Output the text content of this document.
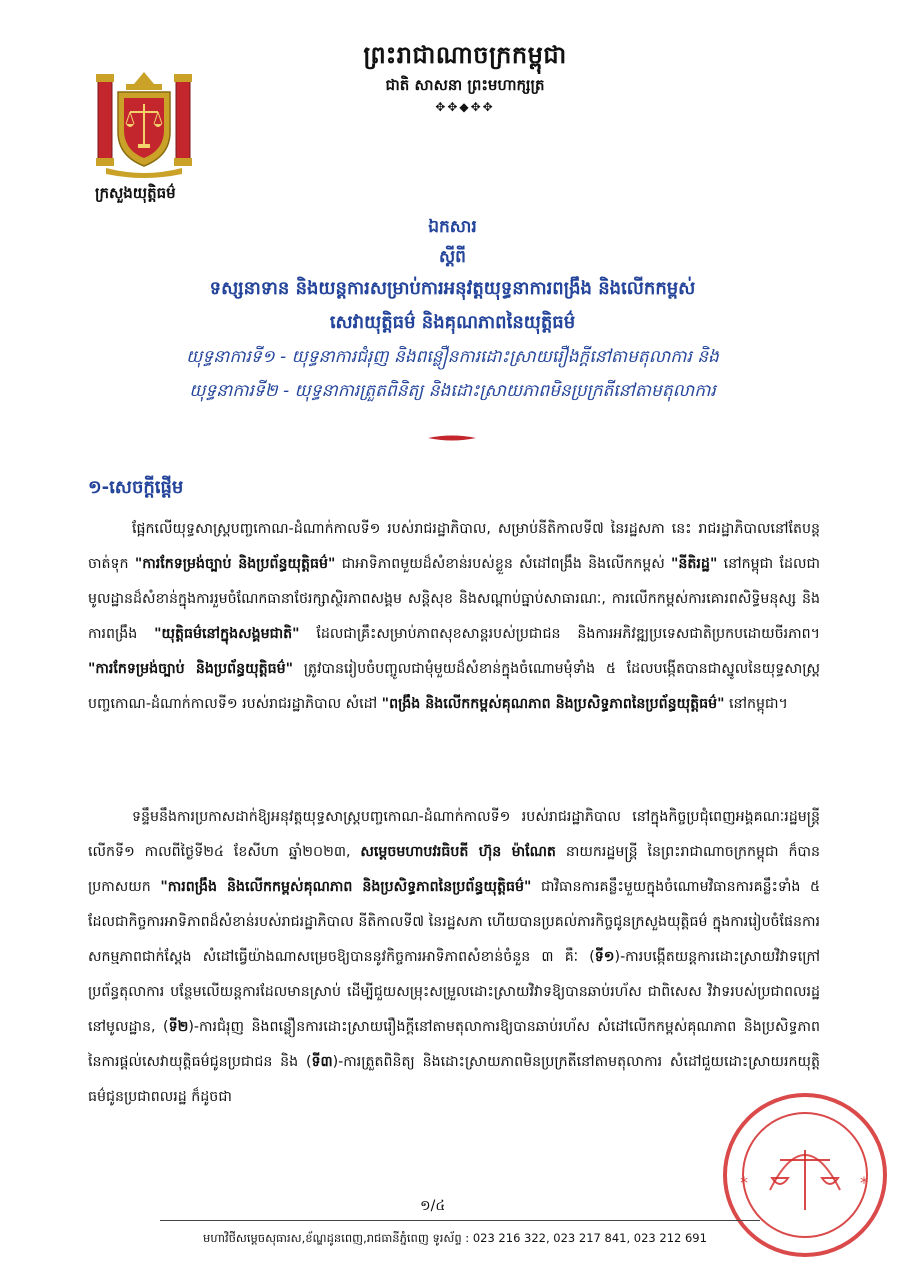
ព្រះរាជាណាចក្រកម្ពុជា
ជាតិ សាសនា ព្រះមហាក្សត្រ
✥✥◆✥✥
ក្រសួងយុត្តិធម៌
ឯកសារ
ស្តីពី
ទស្សនាទាន និងយន្តការសម្រាប់ការអនុវត្តយុទ្ធនាការពង្រឹង និងលើកកម្ពស់
សេវាយុត្តិធម៌ និងគុណភាពនៃយុត្តិធម៌
យុទ្ធនាការទី១ - យុទ្ធនាការជំរុញ និងពន្លឿនការដោះស្រាយរឿងក្តីនៅតាមតុលាការ និង
យុទ្ធនាការទី២ - យុទ្ធនាការត្រួតពិនិត្យ និងដោះស្រាយភាពមិនប្រក្រតីនៅតាមតុលាការ
១-សេចក្តីផ្តើម

ផ្អែកលើយុទ្ធសាស្ត្របញ្ចកោណ-ដំណាក់កាលទី១ របស់រាជរដ្ឋាភិបាល, សម្រាប់នីតិកាលទី៧ នៃរដ្ឋសភា នេះ រាជរដ្ឋាភិបាលនៅតែបន្តចាត់ទុក "ការកែទម្រង់ច្បាប់ និងប្រព័ន្ធយុត្តិធម៌" ជាអាទិភាពមួយដ៏សំខាន់របស់ខ្លួន សំដៅពង្រឹង និងលើកកម្ពស់ "នីតិរដ្ឋ" នៅកម្ពុជា ដែលជាមូលដ្ឋានដ៏សំខាន់ក្នុងការរួមចំណែកធានាថែរក្សាស្ថិរភាពសង្គម សន្តិសុខ និងសណ្តាប់ធ្នាប់សាធារណៈ, ការលើកកម្ពស់ការគោរពសិទ្ធិមនុស្ស និងការពង្រឹង "យុត្តិធម៌នៅក្នុងសង្គមជាតិ" ដែលជាគ្រឹះសម្រាប់ភាពសុខសាន្តរបស់ប្រជាជន និងការអភិវឌ្ឍប្រទេសជាតិប្រកបដោយចីរភាព។ "ការកែទម្រង់ច្បាប់ និងប្រព័ន្ធយុត្តិធម៌" ត្រូវបានរៀបចំបញ្ចូលជាមុំមួយដ៏សំខាន់ក្នុងចំណោមមុំទាំង ៥ ដែលបង្កើតបានជាស្នូលនៃយុទ្ធសាស្ត្របញ្ចកោណ-ដំណាក់កាលទី១ របស់រាជរដ្ឋាភិបាល សំដៅ "ពង្រឹង និងលើកកម្ពស់គុណភាព និងប្រសិទ្ធភាពនៃប្រព័ន្ធយុត្តិធម៌" នៅកម្ពុជា។

ទន្ទឹមនឹងការប្រកាសដាក់ឱ្យអនុវត្តយុទ្ធសាស្ត្របញ្ចកោណ-ដំណាក់កាលទី១ របស់រាជរដ្ឋាភិបាល នៅក្នុងកិច្ចប្រជុំពេញអង្គគណៈរដ្ឋមន្ត្រីលើកទី១ កាលពីថ្ងៃទី២៤ ខែសីហា ឆ្នាំ២០២៣, សម្តេចមហាបវរធិបតី ហ៊ុន ម៉ាណែត នាយករដ្ឋមន្ត្រី នៃព្រះរាជាណាចក្រកម្ពុជា ក៏បានប្រកាសយក "ការពង្រឹង និងលើកកម្ពស់គុណភាព និងប្រសិទ្ធភាពនៃប្រព័ន្ធយុត្តិធម៌" ជាវិធានការគន្លឹះមួយក្នុងចំណោមវិធានការគន្លឹះទាំង ៥ ដែលជាកិច្ចការអាទិភាពដ៏សំខាន់របស់រាជរដ្ឋាភិបាល នីតិកាលទី៧ នៃរដ្ឋសភា ហើយបានប្រគល់ភារកិច្ចជូនក្រសួងយុត្តិធម៌ ក្នុងការរៀបចំផែនការសកម្មភាពជាក់ស្តែង សំដៅធ្វើយ៉ាងណាសម្រេចឱ្យបាននូវកិច្ចការអាទិភាពសំខាន់ចំនួន ៣ គឺៈ (ទី១)-ការបង្កើតយន្តការដោះស្រាយវិវាទក្រៅប្រព័ន្ធតុលាការ បន្ថែមលើយន្តការដែលមានស្រាប់ ដើម្បីជួយសម្រុះសម្រួលដោះស្រាយវិវាទឱ្យបានឆាប់រហ័ស ជាពិសេស វិវាទរបស់ប្រជាពលរដ្ឋនៅមូលដ្ឋាន, (ទី២)-ការជំរុញ និងពន្លឿនការដោះស្រាយរឿងក្តីនៅតាមតុលាការឱ្យបានឆាប់រហ័ស សំដៅលើកកម្ពស់គុណភាព និងប្រសិទ្ធភាពនៃការផ្តល់សេវាយុត្តិធម៌ជូនប្រជាជន និង (ទី៣)-ការត្រួតពិនិត្យ និងដោះស្រាយភាពមិនប្រក្រតីនៅតាមតុលាការ សំដៅជួយដោះស្រាយរកយុត្តិធម៌ជូនប្រជាពលរដ្ឋ ក៏ដូចជា

*	*
១/៤
មហាវិថីសម្តេចសុធារស,ខ័ណ្ឌដូនពេញ,រាជធានីភ្នំពេញ ទូរស័ព្ទ : 023 216 322, 023 217 841, 023 212 691
